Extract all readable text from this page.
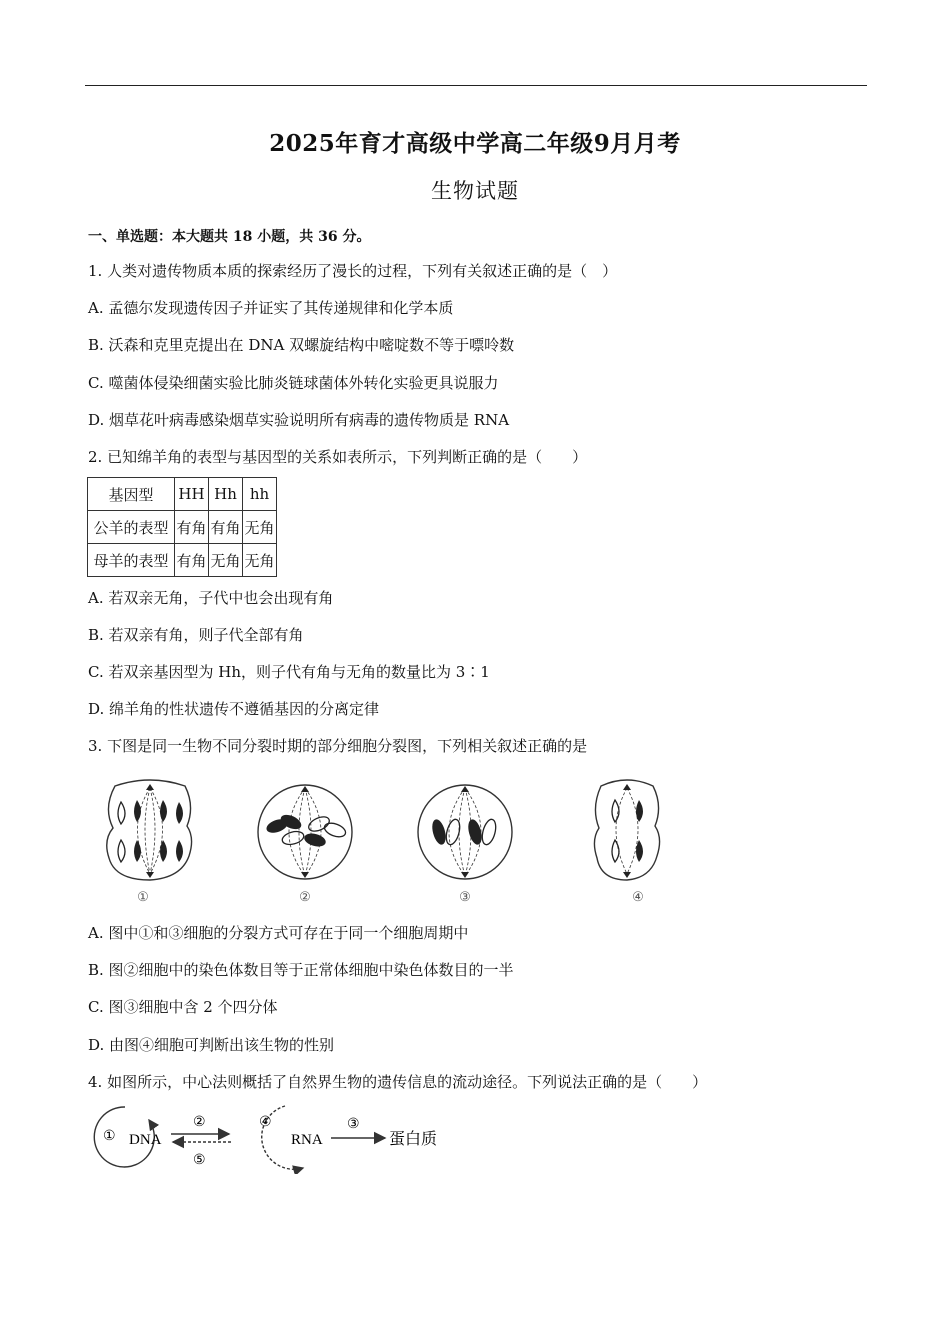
2025年育才高级中学高二年级9月月考
生物试题
一、单选题：本大题共 18 小题，共 36 分。
1. 人类对遗传物质本质的探索经历了漫长的过程，下列有关叙述正确的是（　）
A. 孟德尔发现遗传因子并证实了其传递规律和化学本质
B. 沃森和克里克提出在 DNA 双螺旋结构中嘧啶数不等于嘌呤数
C. 噬菌体侵染细菌实验比肺炎链球菌体外转化实验更具说服力
D. 烟草花叶病毒感染烟草实验说明所有病毒的遗传物质是 RNA
2. 已知绵羊角的表型与基因型的关系如表所示，下列判断正确的是（　　）
基因型	HH	Hh	hh
公羊的表型	有角	有角	无角
母羊的表型	有角	无角	无角
A. 若双亲无角，子代中也会出现有角
B. 若双亲有角，则子代全部有角
C. 若双亲基因型为 Hh，则子代有角与无角的数量比为 3∶1
D. 绵羊角的性状遗传不遵循基因的分离定律
3. 下图是同一生物不同分裂时期的部分细胞分裂图，下列相关叙述正确的是
①	②	③	④
A. 图中①和③细胞的分裂方式可存在于同一个细胞周期中
B. 图②细胞中的染色体数目等于正常体细胞中染色体数目的一半
C. 图③细胞中含 2 个四分体
D. 由图④细胞可判断出该生物的性别
4. 如图所示，中心法则概括了自然界生物的遗传信息的流动途径。下列说法正确的是（　　）
① DNA
②
⑤
④
RNA
③
蛋白质
